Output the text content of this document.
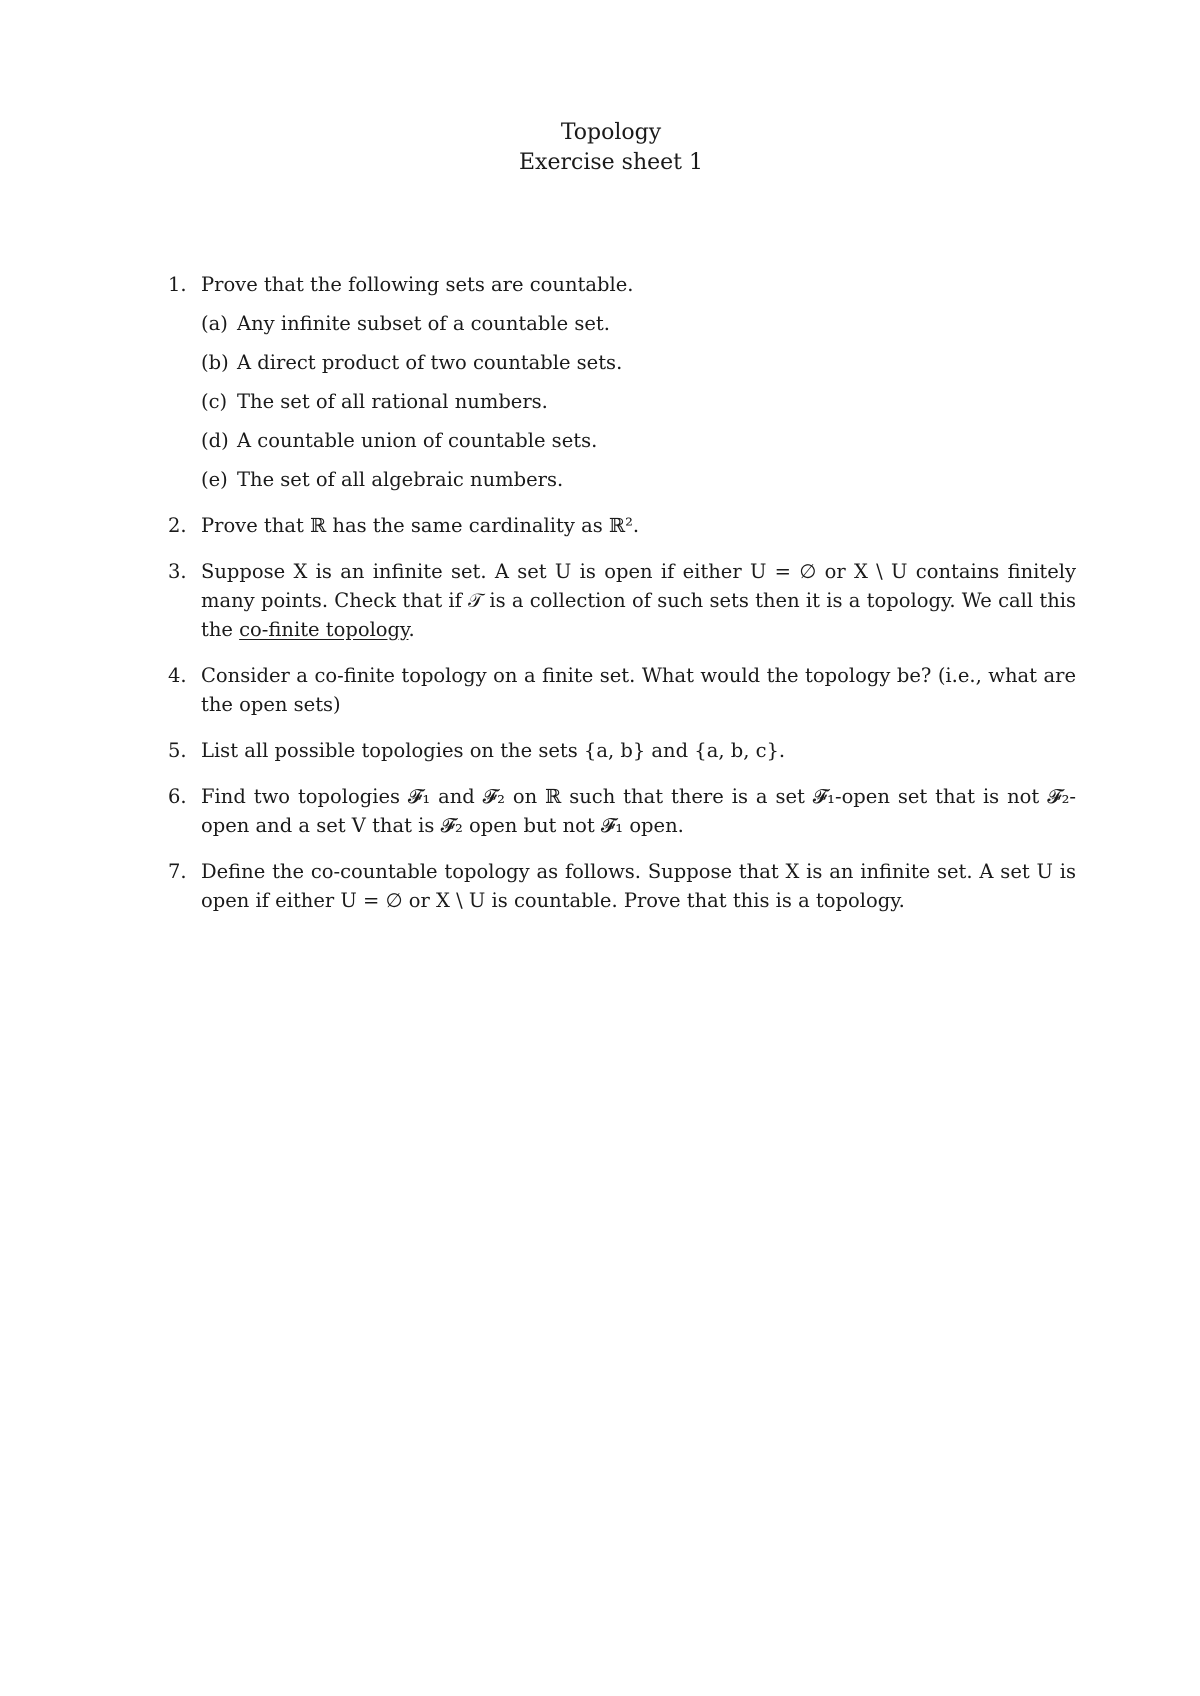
Topology
Exercise sheet 1
1. Prove that the following sets are countable.
(a) Any infinite subset of a countable set.
(b) A direct product of two countable sets.
(c) The set of all rational numbers.
(d) A countable union of countable sets.
(e) The set of all algebraic numbers.
2. Prove that ℝ has the same cardinality as ℝ².
3. Suppose X is an infinite set. A set U is open if either U = ∅ or X \ U contains finitely many points. Check that if 𝒯 is a collection of such sets then it is a topology. We call this the co-finite topology.
4. Consider a co-finite topology on a finite set. What would the topology be? (i.e., what are the open sets)
5. List all possible topologies on the sets {a, b} and {a, b, c}.
6. Find two topologies 𝓕₁ and 𝓕₂ on ℝ such that there is a set 𝓕₁-open set that is not 𝓕₂-open and a set V that is 𝓕₂ open but not 𝓕₁ open.
7. Define the co-countable topology as follows. Suppose that X is an infinite set. A set U is open if either U = ∅ or X \ U is countable. Prove that this is a topology.
